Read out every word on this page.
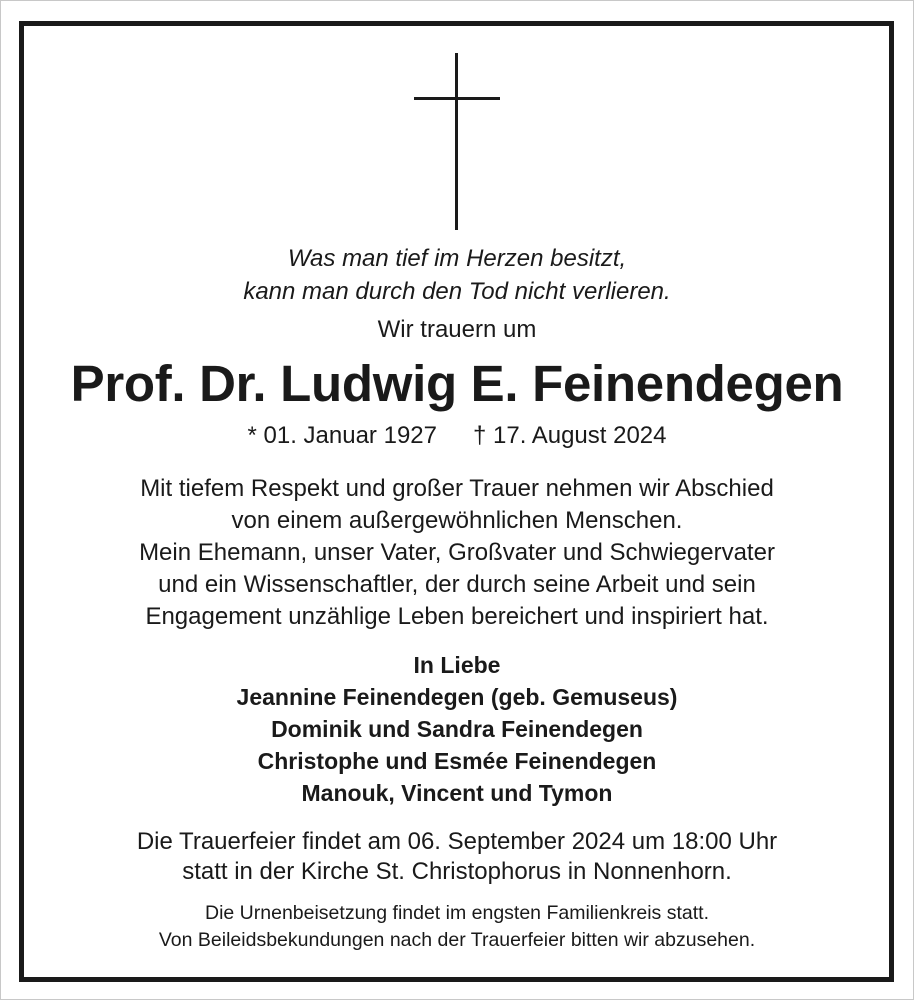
Was man tief im Herzen besitzt,
kann man durch den Tod nicht verlieren.
Wir trauern um
Prof. Dr. Ludwig E. Feinendegen
* 01. Januar 1927 † 17. August 2024
Mit tiefem Respekt und großer Trauer nehmen wir Abschied
von einem außergewöhnlichen Menschen.
Mein Ehemann, unser Vater, Großvater und Schwiegervater
und ein Wissenschaftler, der durch seine Arbeit und sein
Engagement unzählige Leben bereichert und inspiriert hat.
In Liebe
Jeannine Feinendegen (geb. Gemuseus)
Dominik und Sandra Feinendegen
Christophe und Esmée Feinendegen
Manouk, Vincent und Tymon
Die Trauerfeier findet am 06. September 2024 um 18:00 Uhr
statt in der Kirche St. Christophorus in Nonnenhorn.
Die Urnenbeisetzung findet im engsten Familienkreis statt.
Von Beileidsbekundungen nach der Trauerfeier bitten wir abzusehen.
